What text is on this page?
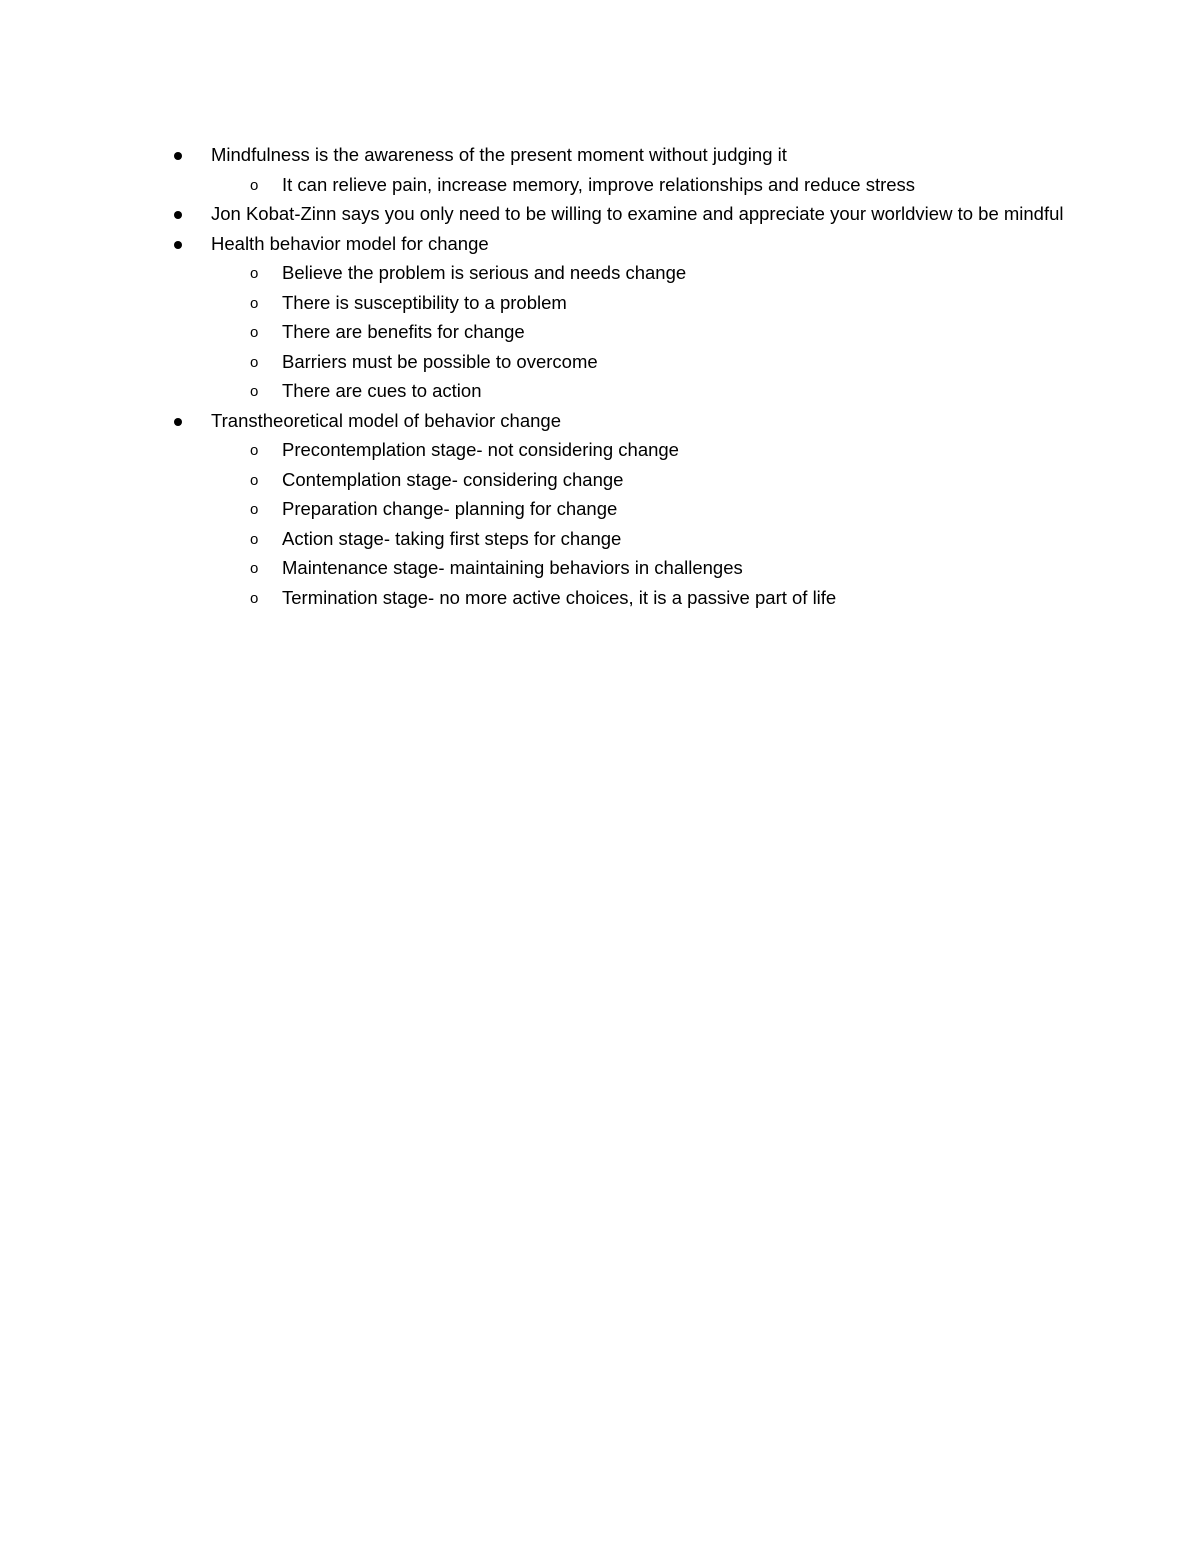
Mindfulness is the awareness of the present moment without judging it
o It can relieve pain, increase memory, improve relationships and reduce stress
Jon Kobat-Zinn says you only need to be willing to examine and appreciate your worldview to be mindful
Health behavior model for change
o Believe the problem is serious and needs change
o There is susceptibility to a problem
o There are benefits for change
o Barriers must be possible to overcome
o There are cues to action
Transtheoretical model of behavior change
o Precontemplation stage- not considering change
o Contemplation stage- considering change
o Preparation change- planning for change
o Action stage- taking first steps for change
o Maintenance stage- maintaining behaviors in challenges
o Termination stage- no more active choices, it is a passive part of life
